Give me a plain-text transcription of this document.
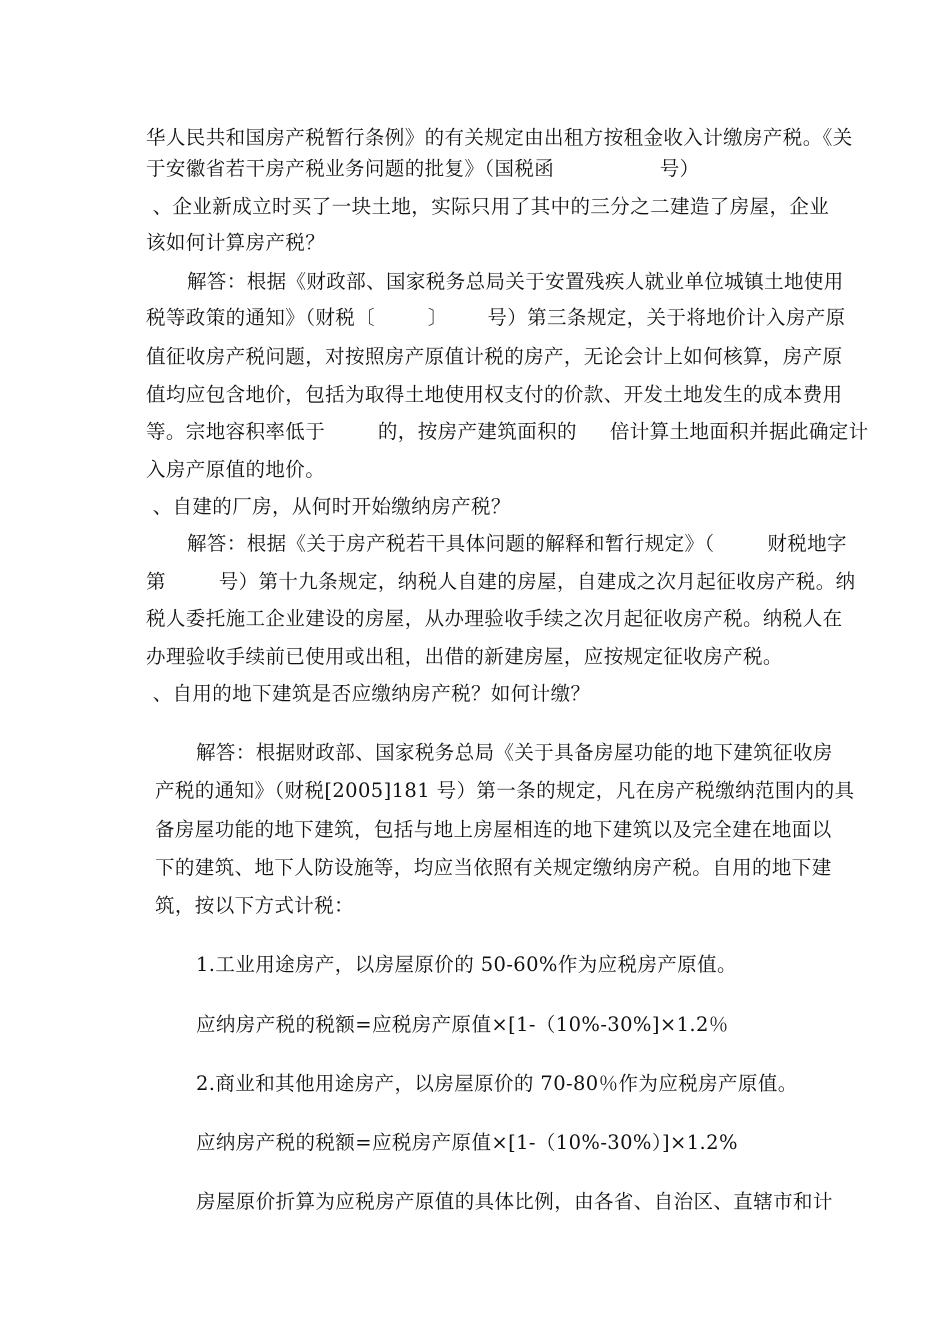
华人民共和国房产税暂行条例》的有关规定由出租方按租金收入计缴房产税。《关
于安徽省若干房产税业务问题的批复》（国税函                号）
、企业新成立时买了一块土地，实际只用了其中的三分之二建造了房屋，企业
该如何计算房产税？
解答：根据《财政部、国家税务总局关于安置残疾人就业单位城镇土地使用
税等政策的通知》（财税〔        〕      号）第三条规定，关于将地价计入房产原
值征收房产税问题，对按照房产原值计税的房产，无论会计上如何核算，房产原
值均应包含地价，包括为取得土地使用权支付的价款、开发土地发生的成本费用
等。宗地容积率低于        的，按房产建筑面积的     倍计算土地面积并据此确定计
入房产原值的地价。
、自建的厂房，从何时开始缴纳房产税？
解答：根据《关于房产税若干具体问题的解释和暂行规定》（        财税地字
第        号）第十九条规定，纳税人自建的房屋，自建成之次月起征收房产税。纳
税人委托施工企业建设的房屋，从办理验收手续之次月起征收房产税。纳税人在
办理验收手续前已使用或出租，出借的新建房屋，应按规定征收房产税。
、自用的地下建筑是否应缴纳房产税？如何计缴？
解答：根据财政部、国家税务总局《关于具备房屋功能的地下建筑征收房
产税的通知》（财税[2005]181 号）第一条的规定，凡在房产税缴纳范围内的具
备房屋功能的地下建筑，包括与地上房屋相连的地下建筑以及完全建在地面以
下的建筑、地下人防设施等，均应当依照有关规定缴纳房产税。自用的地下建
筑，按以下方式计税：
1.工业用途房产，以房屋原价的 50-60%作为应税房产原值。
应纳房产税的税额=应税房产原值×[1-（10%-30%]×1.2％
2.商业和其他用途房产，以房屋原价的 70-80％作为应税房产原值。
应纳房产税的税额=应税房产原值×[1-（10%-30%）]×1.2%
房屋原价折算为应税房产原值的具体比例，由各省、自治区、直辖市和计
